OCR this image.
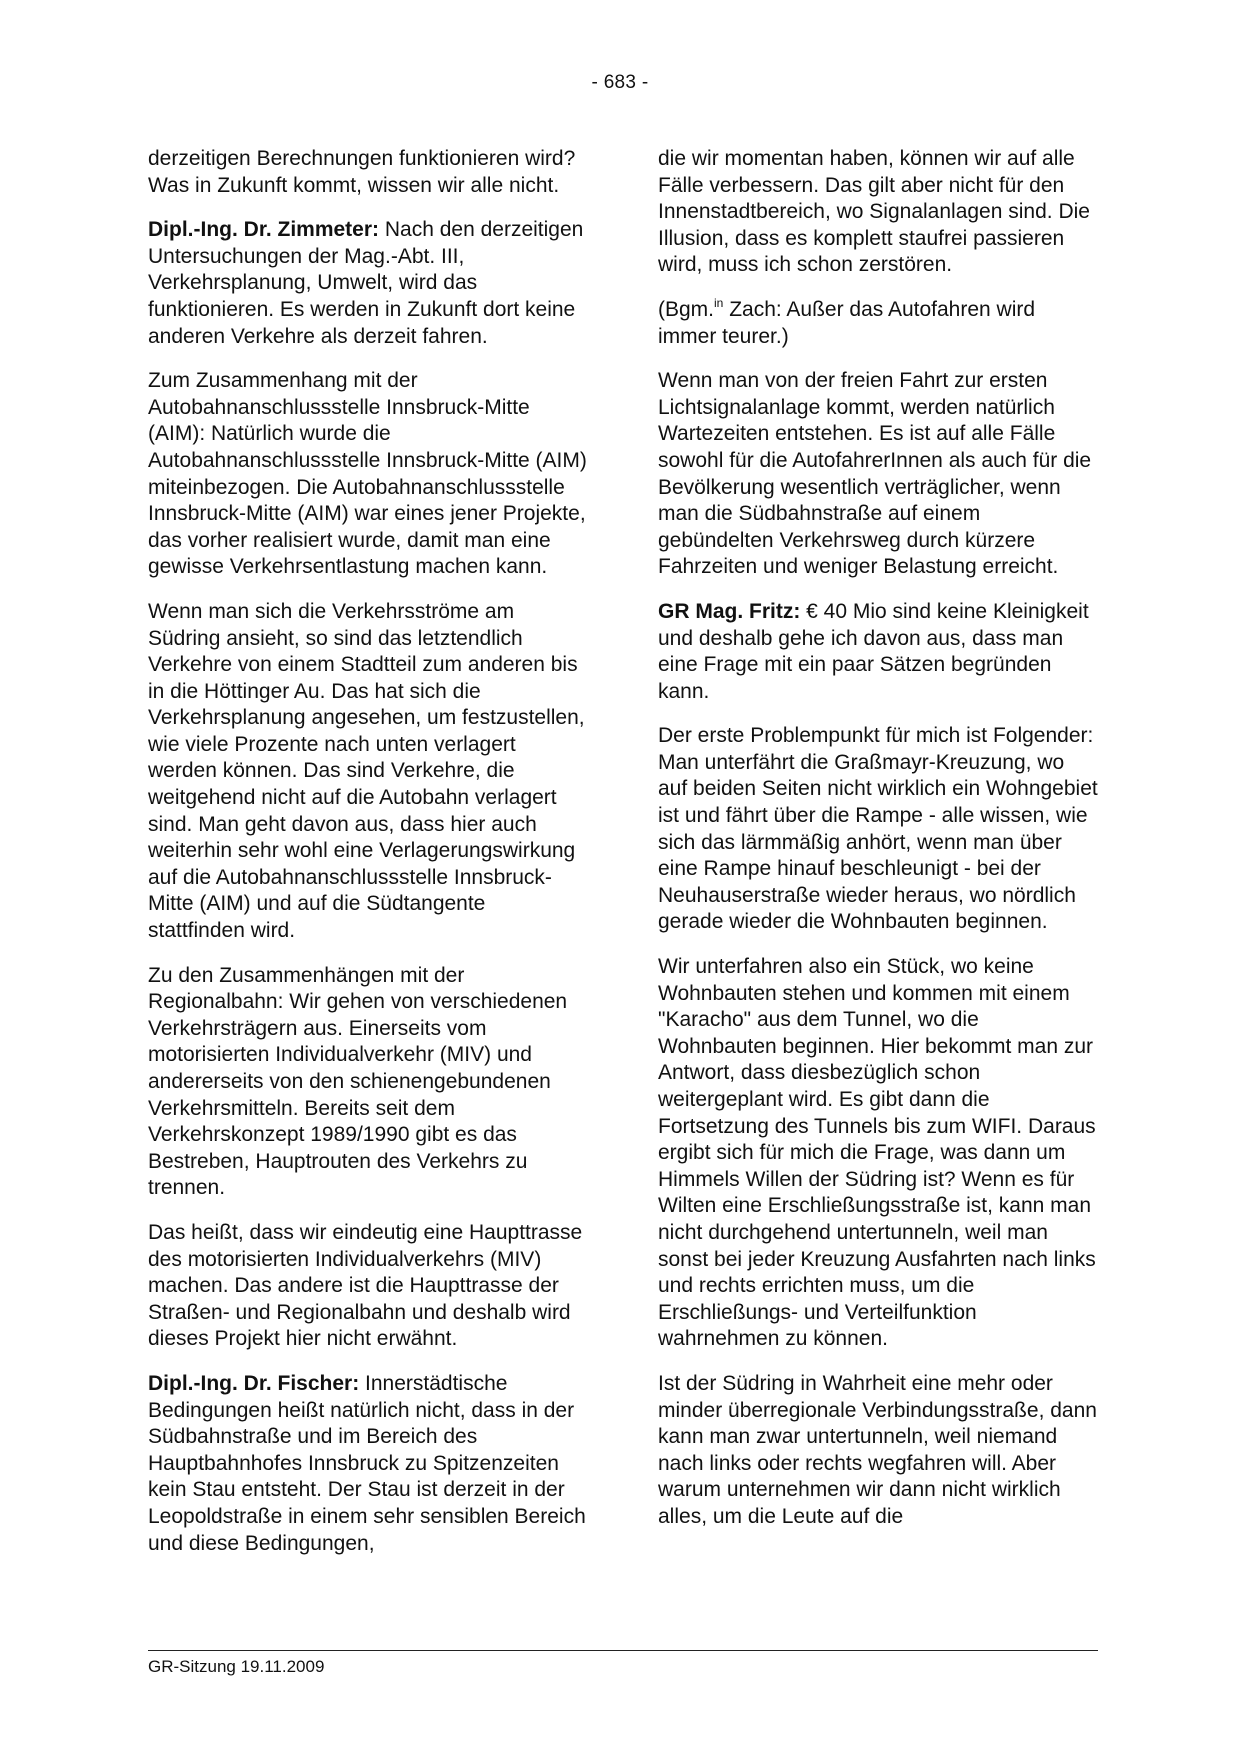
- 683 -

derzeitigen Berechnungen funktionieren wird? Was in Zukunft kommt, wissen wir alle nicht.

Dipl.-Ing. Dr. Zimmeter: Nach den derzeitigen Untersuchungen der Mag.-Abt. III, Verkehrsplanung, Umwelt, wird das funktionieren. Es werden in Zukunft dort keine anderen Verkehre als derzeit fahren.

Zum Zusammenhang mit der Autobahnanschlussstelle Innsbruck-Mitte (AIM): Natürlich wurde die Autobahnanschlussstelle Innsbruck-Mitte (AIM) miteinbezogen. Die Autobahnanschlussstelle Innsbruck-Mitte (AIM) war eines jener Projekte, das vorher realisiert wurde, damit man eine gewisse Verkehrsentlastung machen kann.

Wenn man sich die Verkehrsströme am Südring ansieht, so sind das letztendlich Verkehre von einem Stadtteil zum anderen bis in die Höttinger Au. Das hat sich die Verkehrsplanung angesehen, um festzustellen, wie viele Prozente nach unten verlagert werden können. Das sind Verkehre, die weitgehend nicht auf die Autobahn verlagert sind. Man geht davon aus, dass hier auch weiterhin sehr wohl eine Verlagerungswirkung auf die Autobahnanschlussstelle Innsbruck-Mitte (AIM) und auf die Südtangente stattfinden wird.

Zu den Zusammenhängen mit der Regionalbahn: Wir gehen von verschiedenen Verkehrsträgern aus. Einerseits vom motorisierten Individualverkehr (MIV) und andererseits von den schienengebundenen Verkehrsmitteln. Bereits seit dem Verkehrskonzept 1989/1990 gibt es das Bestreben, Hauptrouten des Verkehrs zu trennen.

Das heißt, dass wir eindeutig eine Haupttrasse des motorisierten Individualverkehrs (MIV) machen. Das andere ist die Haupttrasse der Straßen- und Regionalbahn und deshalb wird dieses Projekt hier nicht erwähnt.

Dipl.-Ing. Dr. Fischer: Innerstädtische Bedingungen heißt natürlich nicht, dass in der Südbahnstraße und im Bereich des Hauptbahnhofes Innsbruck zu Spitzenzeiten kein Stau entsteht. Der Stau ist derzeit in der Leopoldstraße in einem sehr sensiblen Bereich und diese Bedingungen,

die wir momentan haben, können wir auf alle Fälle verbessern. Das gilt aber nicht für den Innenstadtbereich, wo Signalanlagen sind. Die Illusion, dass es komplett staufrei passieren wird, muss ich schon zerstören.

(Bgm.$^{in}$ Zach: Außer das Autofahren wird immer teurer.)

Wenn man von der freien Fahrt zur ersten Lichtsignalanlage kommt, werden natürlich Wartezeiten entstehen. Es ist auf alle Fälle sowohl für die AutofahrerInnen als auch für die Bevölkerung wesentlich verträglicher, wenn man die Südbahnstraße auf einem gebündelten Verkehrsweg durch kürzere Fahrzeiten und weniger Belastung erreicht.

GR Mag. Fritz: € 40 Mio sind keine Kleinigkeit und deshalb gehe ich davon aus, dass man eine Frage mit ein paar Sätzen begründen kann.

Der erste Problempunkt für mich ist Folgender: Man unterfährt die Graßmayr-Kreuzung, wo auf beiden Seiten nicht wirklich ein Wohngebiet ist und fährt über die Rampe - alle wissen, wie sich das lärmmäßig anhört, wenn man über eine Rampe hinauf beschleunigt - bei der Neuhauserstraße wieder heraus, wo nördlich gerade wieder die Wohnbauten beginnen.

Wir unterfahren also ein Stück, wo keine Wohnbauten stehen und kommen mit einem "Karacho" aus dem Tunnel, wo die Wohnbauten beginnen. Hier bekommt man zur Antwort, dass diesbezüglich schon weitergeplant wird. Es gibt dann die Fortsetzung des Tunnels bis zum WIFI. Daraus ergibt sich für mich die Frage, was dann um Himmels Willen der Südring ist? Wenn es für Wilten eine Erschließungsstraße ist, kann man nicht durchgehend untertunneln, weil man sonst bei jeder Kreuzung Ausfahrten nach links und rechts errichten muss, um die Erschließungs- und Verteilfunktion wahrnehmen zu können.

Ist der Südring in Wahrheit eine mehr oder minder überregionale Verbindungsstraße, dann kann man zwar untertunneln, weil niemand nach links oder rechts wegfahren will. Aber warum unternehmen wir dann nicht wirklich alles, um die Leute auf die

GR-Sitzung 19.11.2009
